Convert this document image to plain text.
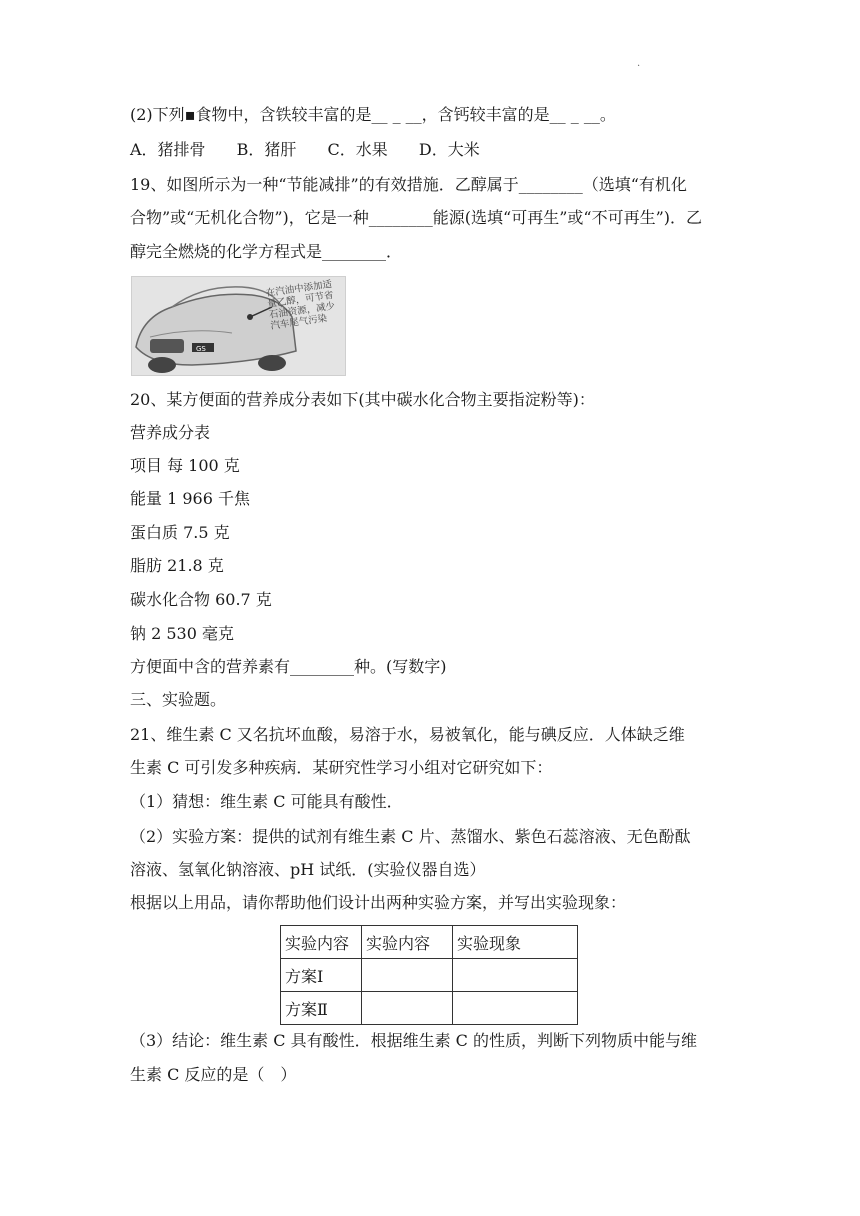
.
(2)下列▪食物中，含铁较丰富的是__ _ __，含钙较丰富的是__ _ __。
A．猪排骨 B．猪肝 C．水果 D．大米
19、如图所示为一种“节能减排”的有效措施．乙醇属于________（选填“有机化
合物”或“无机化合物”)，它是一种________能源(选填“可再生”或“不可再生”)．乙
醇完全燃烧的化学方程式是________．
GS
在汽油中添加适量乙醇，可节省石油资源，减少汽车尾气污染
20、某方便面的营养成分表如下(其中碳水化合物主要指淀粉等)：
营养成分表
项目 每 100 克
能量 1 966 千焦
蛋白质 7.5 克
脂肪 21.8 克
碳水化合物 60.7 克
钠 2 530 毫克
方便面中含的营养素有________种。(写数字)
三、实验题。
21、维生素 C 又名抗坏血酸，易溶于水，易被氧化，能与碘反应．人体缺乏维
生素 C 可引发多种疾病．某研究性学习小组对它研究如下：
（1）猜想：维生素 C 可能具有酸性．
（2）实验方案：提供的试剂有维生素 C 片、蒸馏水、紫色石蕊溶液、无色酚酞
溶液、氢氧化钠溶液、pH 试纸．(实验仪器自选）
根据以上用品，请你帮助他们设计出两种实验方案，并写出实验现象：
实验内容	实验内容	实验现象
方案Ⅰ		
方案Ⅱ		
（3）结论：维生素 C 具有酸性．根据维生素 C 的性质，判断下列物质中能与维
生素 C 反应的是（　）
